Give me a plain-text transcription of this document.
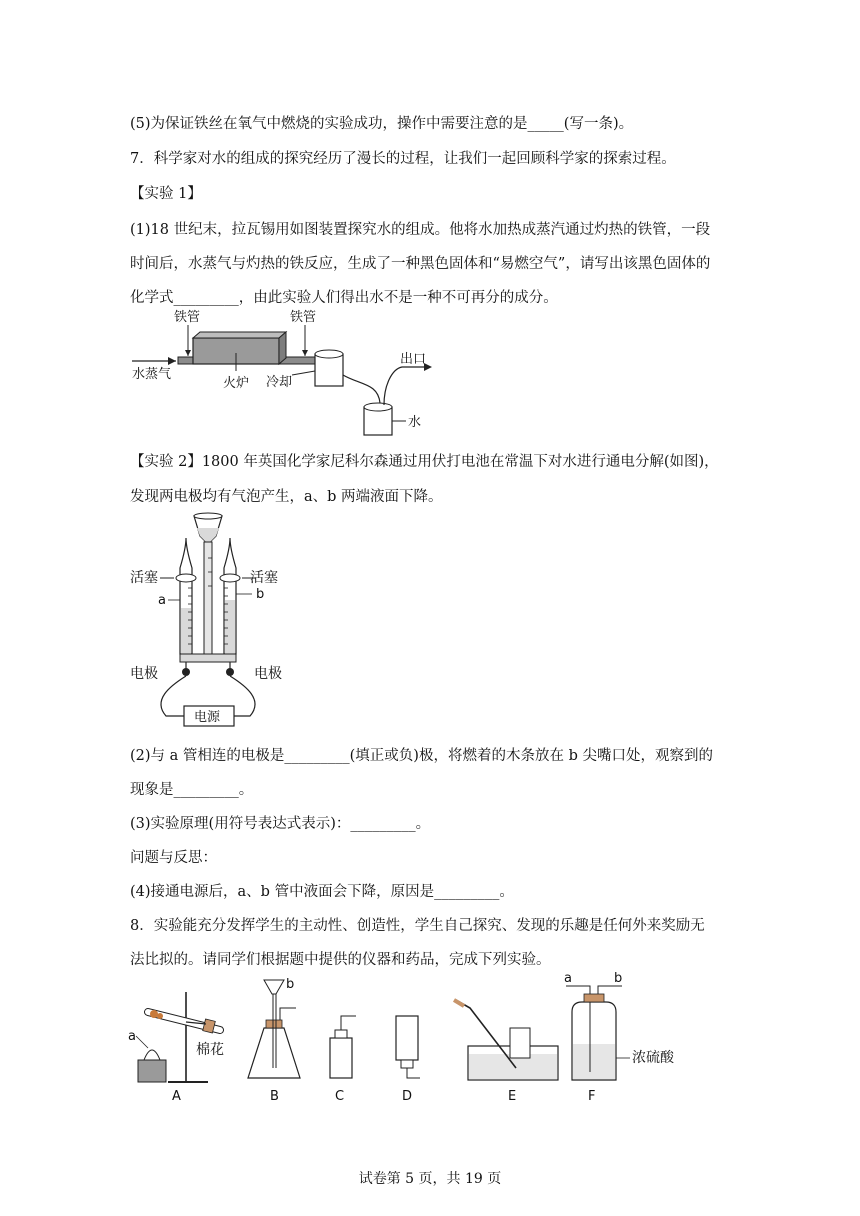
(5)为保证铁丝在氧气中燃烧的实验成功，操作中需要注意的是_____(写一条)。
7．科学家对水的组成的探究经历了漫长的过程，让我们一起回顾科学家的探索过程。
【实验 1】
(1)18 世纪末，拉瓦锡用如图装置探究水的组成。他将水加热成蒸汽通过灼热的铁管，一段
时间后，水蒸气与灼热的铁反应，生成了一种黑色固体和“易燃空气”，请写出该黑色固体的
化学式_________，由此实验人们得出水不是一种不可再分的成分。
铁管	铁管
水蒸气
火炉 冷却
出口
水
【实验 2】1800 年英国化学家尼科尔森通过用伏打电池在常温下对水进行通电分解(如图)，
发现两电极均有气泡产生，a、b 两端液面下降。
活塞	活塞
a	b
电极	电极
电源
(2)与 a 管相连的电极是_________(填正或负)极，将燃着的木条放在 b 尖嘴口处，观察到的
现象是_________。
(3)实验原理(用符号表达式表示)：_________。
问题与反思：
(4)接通电源后，a、b 管中液面会下降，原因是_________。
8．实验能充分发挥学生的主动性、创造性，学生自己探究、发现的乐趣是任何外来奖励无
法比拟的。请同学们根据题中提供的仪器和药品，完成下列实验。
a
棉花
A
b
B	C	D	E
a	b
浓硫酸
F
试卷第 5 页，共 19 页
